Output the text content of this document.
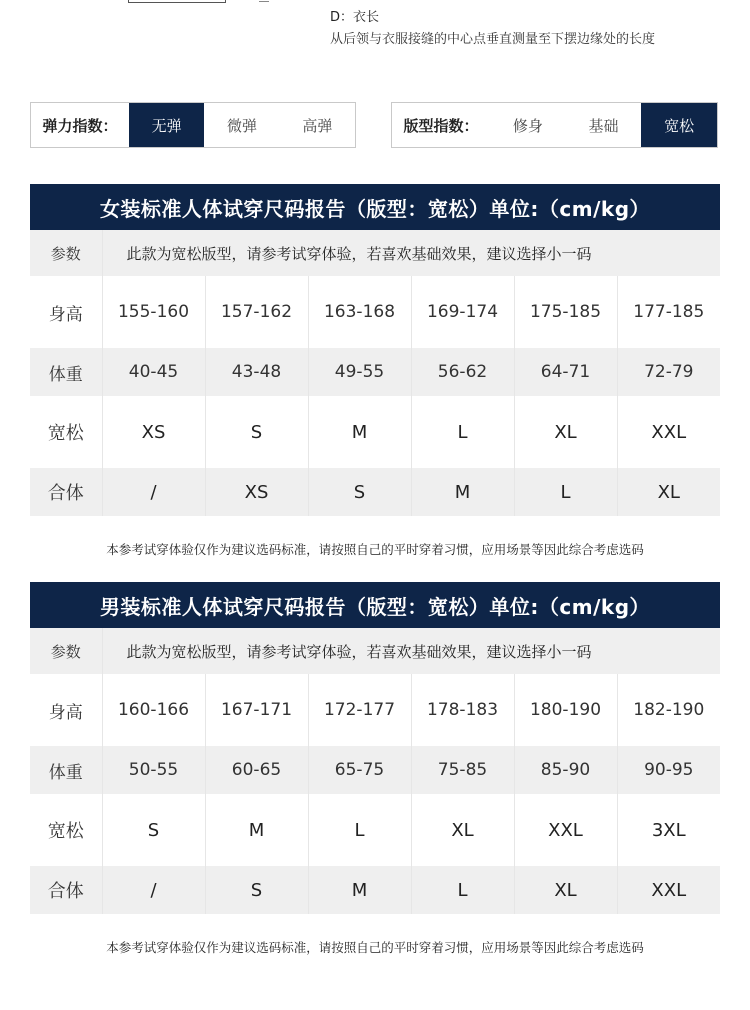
D：衣长
从后领与衣服接缝的中心点垂直测量至下摆边缘处的长度
弹力指数：	无弹	微弹	高弹	版型指数：	修身	基础	宽松
女装标准人体试穿尺码报告（版型：宽松）单位:（cm/kg）
参数	此款为宽松版型，请参考试穿体验，若喜欢基础效果，建议选择小一码					
身高	155-160	157-162	163-168	169-174	175-185	177-185
体重	40-45	43-48	49-55	56-62	64-71	72-79
宽松	XS	S	M	L	XL	XXL
合体	/	XS	S	M	L	XL
本参考试穿体验仅作为建议选码标准，请按照自己的平时穿着习惯，应用场景等因此综合考虑选码
男装标准人体试穿尺码报告（版型：宽松）单位:（cm/kg）
参数	此款为宽松版型，请参考试穿体验，若喜欢基础效果，建议选择小一码					
身高	160-166	167-171	172-177	178-183	180-190	182-190
体重	50-55	60-65	65-75	75-85	85-90	90-95
宽松	S	M	L	XL	XXL	3XL
合体	/	S	M	L	XL	XXL
本参考试穿体验仅作为建议选码标准，请按照自己的平时穿着习惯，应用场景等因此综合考虑选码
